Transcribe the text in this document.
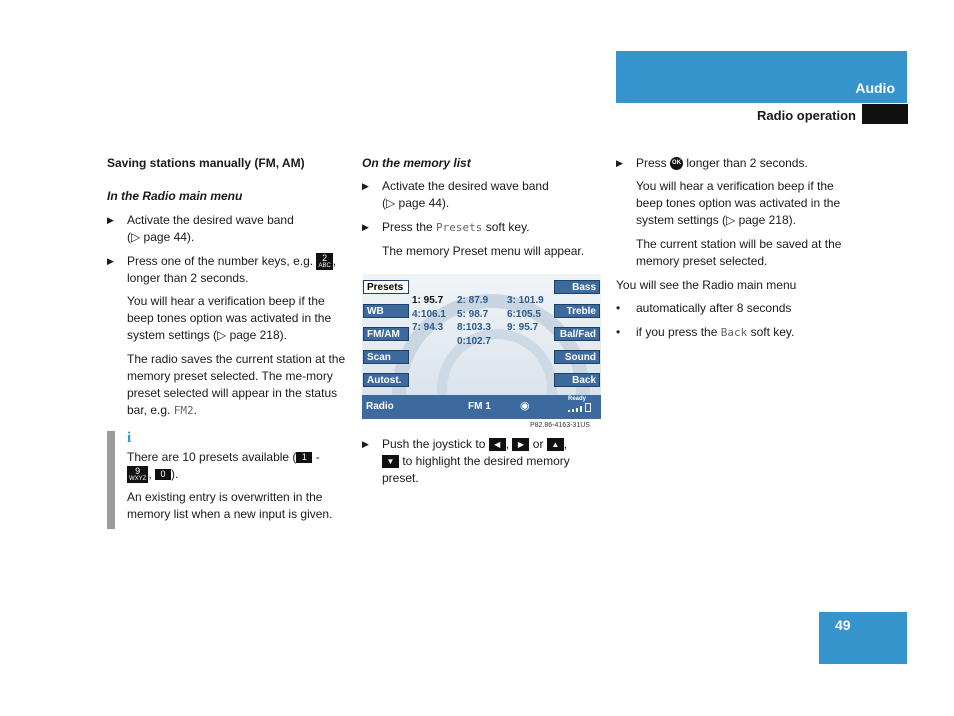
Audio
Radio operation

Saving stations manually (FM, AM)

In the Radio main menu

▶ Activate the desired wave band
(▷ page 44).
▶ Press one of the number keys, e.g. 2
ABC ,
longer than 2 seconds.

You will hear a verification beep if the beep tones option was activated in the system settings (▷ page 218).

The radio saves the current station at the memory preset selected. The me-mory preset selected will appear in the status bar, e.g. FM2.

i

There are 10 presets available ( 1 -
9
WXYZ , 0 ).

An existing entry is overwritten in the memory list when a new input is given.

On the memory list

▶ Activate the desired wave band
(▷ page 44).
▶ Press the Presets soft key.

The memory Preset menu will appear.

Presets
WB
FM/AM
Scan
Autost.
Bass
Treble
Bal/Fad
Sound
Back
1: 95.7 2: 87.9 3: 101.9
4:106.1 5: 98.7 6:105.5
7: 94.3 8:103.3 9: 95.7
0:102.7
Radio	FM 1	◉
Ready
P82.86-4163-31US
▶ Push the joystick to ◀ , ▶ or ▲ ,
▼ to highlight the desired memory preset.
▶ Press OK longer than 2 seconds.

You will hear a verification beep if the beep tones option was activated in the system settings (▷ page 218).

The current station will be saved at the memory preset selected.

You will see the Radio main menu

• automatically after 8 seconds
• if you press the Back soft key.
49
